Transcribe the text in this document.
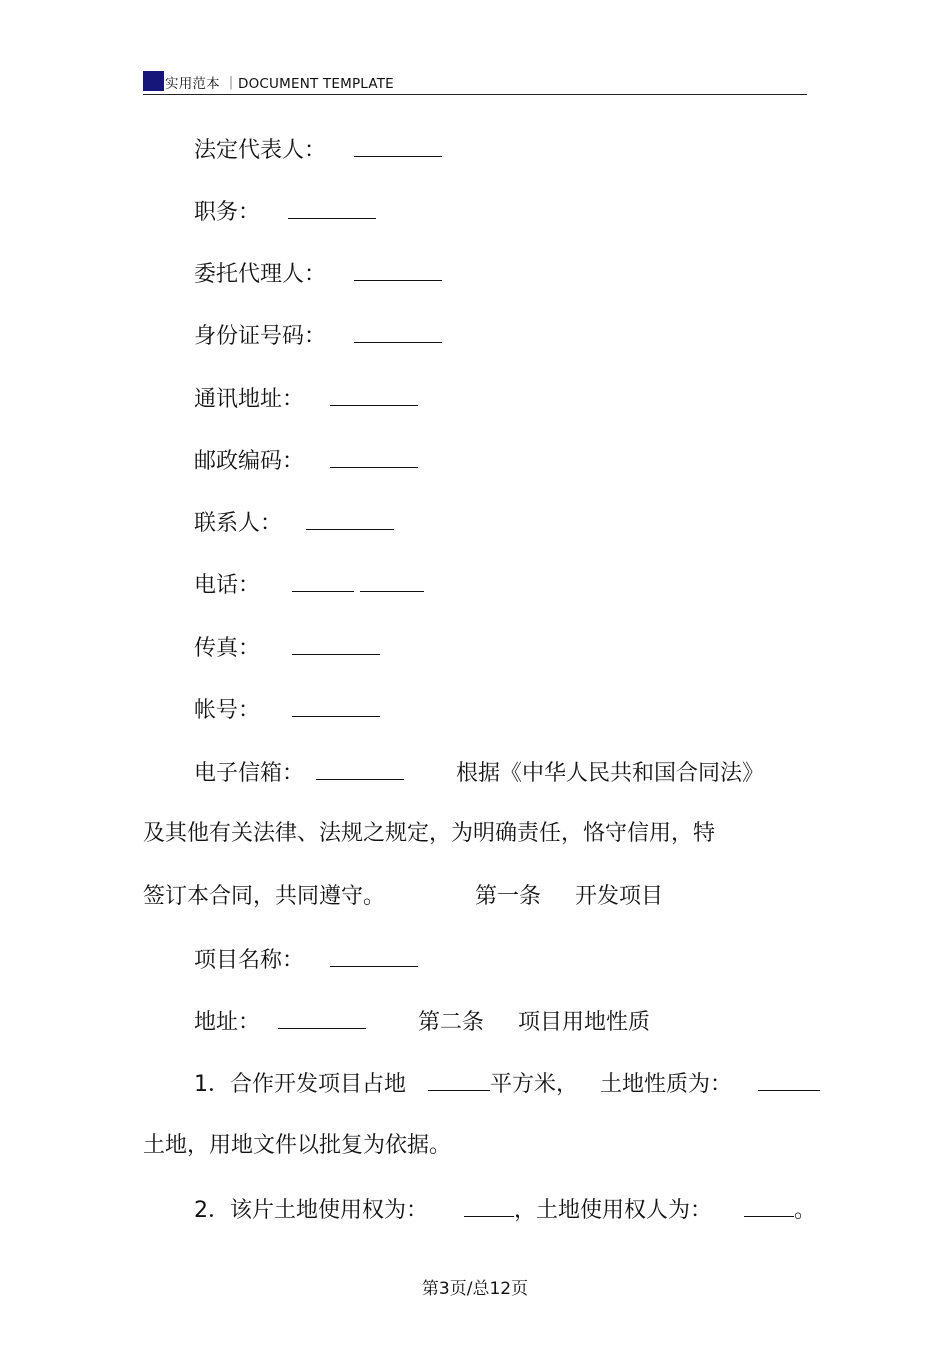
实用范本 ｜DOCUMENT TEMPLATE
法定代表人：
职务：
委托代理人：
身份证号码：
通讯地址：
邮政编码：
联系人：
电话：
传真：
帐号：
电子信箱：	根据《中华人民共和国合同法》
及其他有关法律、法规之规定，为明确责任，恪守信用，特
签订本合同，共同遵守。	第一条 开发项目
项目名称：
地址：	第二条 项目用地性质
1．合作开发项目占地	平方米， 土地性质为：
土地，用地文件以批复为依据。
2．该片土地使用权为：	，土地使用权人为：	。
第3页/总12页
